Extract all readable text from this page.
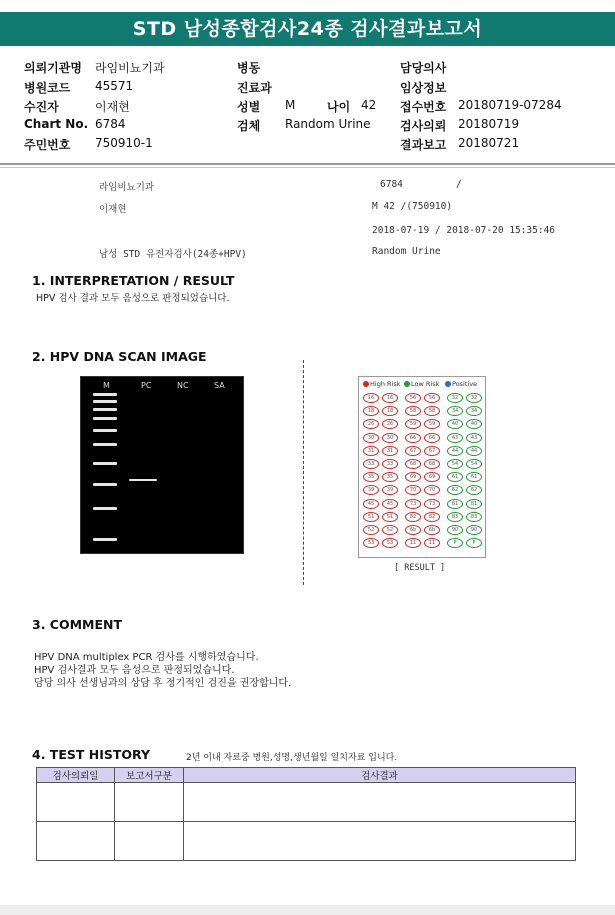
STD 남성종합검사24종 검사결과보고서
의뢰기관명 라임비뇨기과
병원코드 45571
수진자	이재현
Chart No. 6784
주민번호 750910-1
병동
진료과
성별 M	나이 42
검체 Random Urine
담당의사
임상정보
접수번호 20180719-07284
검사의뢰 20180719
결과보고 20180721
라임비뇨기과	6784	/
이재현	M 42 /(750910)
2018-07-19 / 2018-07-20 15:35:46
남성 STD 유전자검사(24종+HPV)	Random Urine
1. INTERPRETATION / RESULT
HPV 검사 결과 모두 음성으로 판정되었습니다.
2. HPV DNA SCAN IMAGE
M	PC	NC	SA	High Risk	Low Risk	Positive
16	16	56	56	32	32
18	18	58	58	34	34
26	26	59	59	40	40
30	30	66	66	43	43
31	31	67	67	44	44
33	33	68	68	54	54
35	35	69	69	61	61
39	39	70	70	62	62
45	45	73	73	81	81
51	51	82	82	83	83
52	52	6b	6b	90	90
53	53	11	11	P	P
[ RESULT ]
3. COMMENT
HPV DNA multiplex PCR 검사를 시행하였습니다.
HPV 검사결과 모두 음성으로 판정되었습니다.
담당 의사 선생님과의 상담 후 정기적인 검진을 권장합니다.
4. TEST HISTORY	2년 이내 자료중 병원,성명,생년월일 일치자료 입니다.
검사의뢰일	보고서구분	검사결과
